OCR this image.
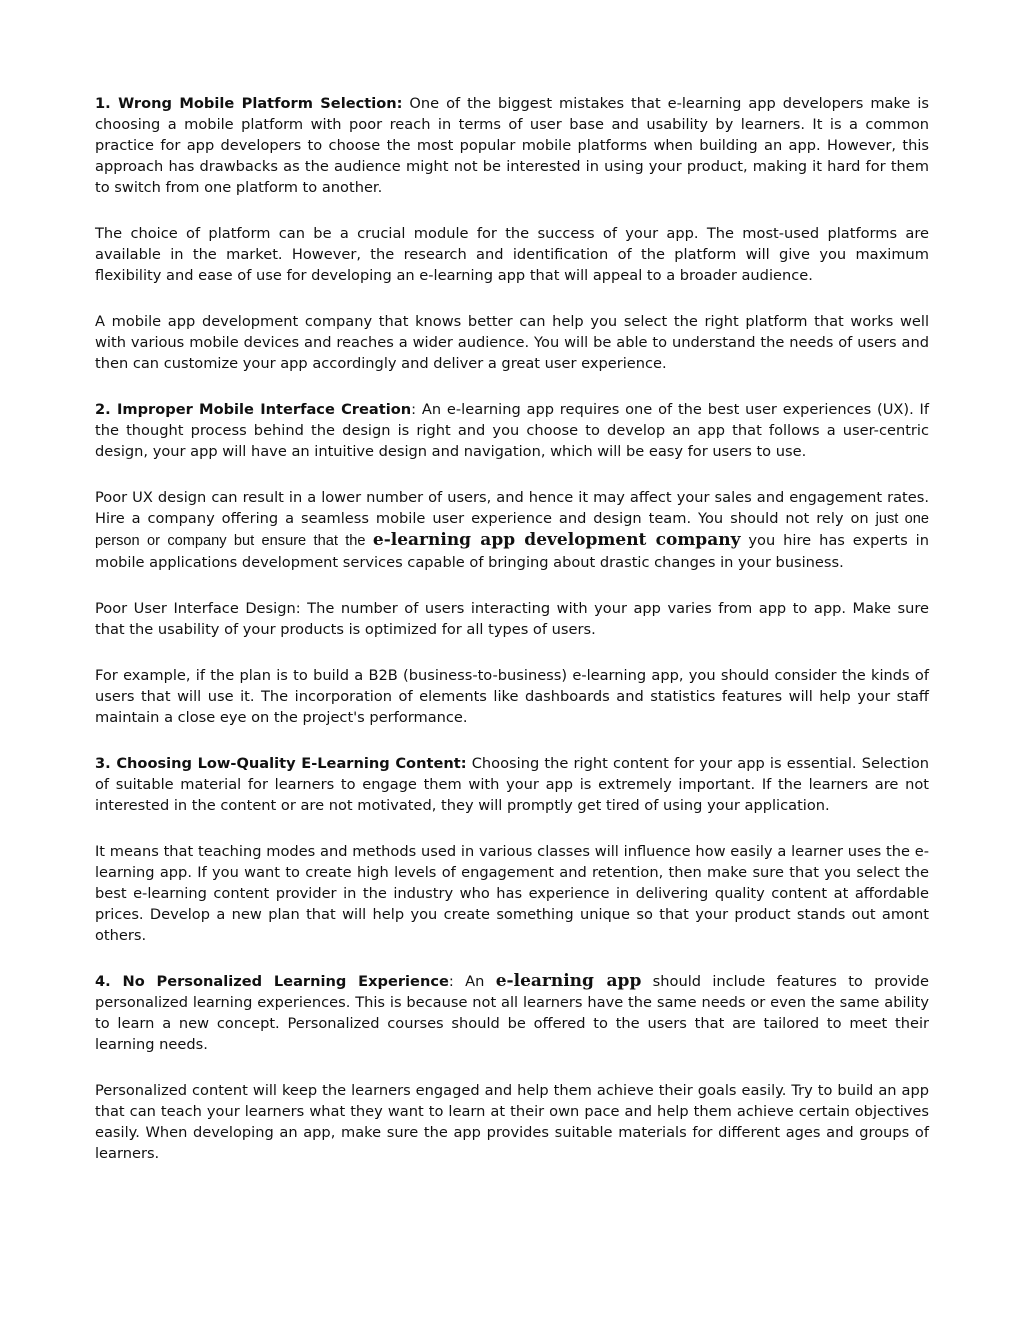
1. Wrong Mobile Platform Selection: One of the biggest mistakes that e-learning app developers make is choosing a mobile platform with poor reach in terms of user base and usability by learners. It is a common practice for app developers to choose the most popular mobile platforms when building an app. However, this approach has drawbacks as the audience might not be interested in using your product, making it hard for them to switch from one platform to another.

The choice of platform can be a crucial module for the success of your app. The most-used platforms are available in the market. However, the research and identification of the platform will give you maximum flexibility and ease of use for developing an e-learning app that will appeal to a broader audience.

A mobile app development company that knows better can help you select the right platform that works well with various mobile devices and reaches a wider audience. You will be able to understand the needs of users and then can customize your app accordingly and deliver a great user experience.

2. Improper Mobile Interface Creation: An e-learning app requires one of the best user experiences (UX). If the thought process behind the design is right and you choose to develop an app that follows a user-centric design, your app will have an intuitive design and navigation, which will be easy for users to use.

Poor UX design can result in a lower number of users, and hence it may affect your sales and engagement rates. Hire a company offering a seamless mobile user experience and design team. You should not rely on just one person or company but ensure that the e-learning app development company you hire has experts in mobile applications development services capable of bringing about drastic changes in your business.

Poor User Interface Design: The number of users interacting with your app varies from app to app. Make sure that the usability of your products is optimized for all types of users.

For example, if the plan is to build a B2B (business-to-business) e-learning app, you should consider the kinds of users that will use it. The incorporation of elements like dashboards and statistics features will help your staff maintain a close eye on the project's performance.

3. Choosing Low-Quality E-Learning Content: Choosing the right content for your app is essential. Selection of suitable material for learners to engage them with your app is extremely important. If the learners are not interested in the content or are not motivated, they will promptly get tired of using your application.

It means that teaching modes and methods used in various classes will influence how easily a learner uses the e-learning app. If you want to create high levels of engagement and retention, then make sure that you select the best e-learning content provider in the industry who has experience in delivering quality content at affordable prices. Develop a new plan that will help you create something unique so that your product stands out amont others.

4. No Personalized Learning Experience: An e-learning app should include features to provide personalized learning experiences. This is because not all learners have the same needs or even the same ability to learn a new concept. Personalized courses should be offered to the users that are tailored to meet their learning needs.

Personalized content will keep the learners engaged and help them achieve their goals easily. Try to build an app that can teach your learners what they want to learn at their own pace and help them achieve certain objectives easily. When developing an app, make sure the app provides suitable materials for different ages and groups of learners.
